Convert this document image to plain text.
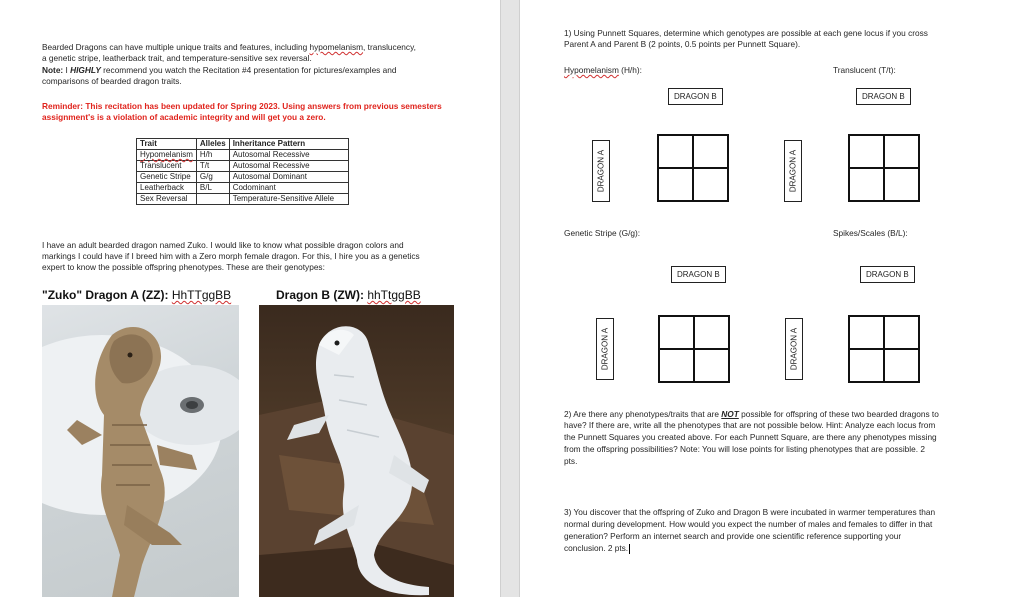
Bearded Dragons can have multiple unique traits and features, including hypomelanism, translucency,
a genetic stripe, leatherback trait, and temperature-sensitive sex reversal.
Note: I HIGHLY recommend you watch the Recitation #4 presentation for pictures/examples and
comparisons of bearded dragon traits.
Reminder: This recitation has been updated for Spring 2023. Using answers from previous semesters
assignment's is a violation of academic integrity and will get you a zero.
Trait	Alleles	Inheritance Pattern
Hypomelanism	H/h	Autosomal Recessive
Translucent	T/t	Autosomal Recessive
Genetic Stripe	G/g	Autosomal Dominant
Leatherback	B/L	Codominant
Sex Reversal		Temperature-Sensitive Allele
I have an adult bearded dragon named Zuko. I would like to know what possible dragon colors and
markings I could have if I breed him with a Zero morph female dragon. For this, I hire you as a genetics
expert to know the possible offspring phenotypes. These are their genotypes:
"Zuko" Dragon A (ZZ): HhTTggBB	Dragon B (ZW): hhTtggBB
1) Using Punnett Squares, determine which genotypes are possible at each gene locus if you cross
Parent A and Parent B (2 points, 0.5 points per Punnett Square).
Hypomelanism (H/h):	Translucent (T/t):
DRAGON B
DRAGON A
DRAGON B
DRAGON A
Genetic Stripe (G/g):	Spikes/Scales (B/L):
DRAGON B
DRAGON A
DRAGON B
DRAGON A
2) Are there any phenotypes/traits that are NOT possible for offspring of these two bearded dragons to
have? If there are, write all the phenotypes that are not possible below. Hint: Analyze each locus from
the Punnett Squares you created above. For each Punnett Square, are there any phenotypes missing
from the offspring possibilities? Note: You will lose points for listing phenotypes that are possible. 2
pts.
3) You discover that the offspring of Zuko and Dragon B were incubated in warmer temperatures than
normal during development. How would you expect the number of males and females to differ in that
generation? Perform an internet search and provide one scientific reference supporting your
conclusion. 2 pts.
